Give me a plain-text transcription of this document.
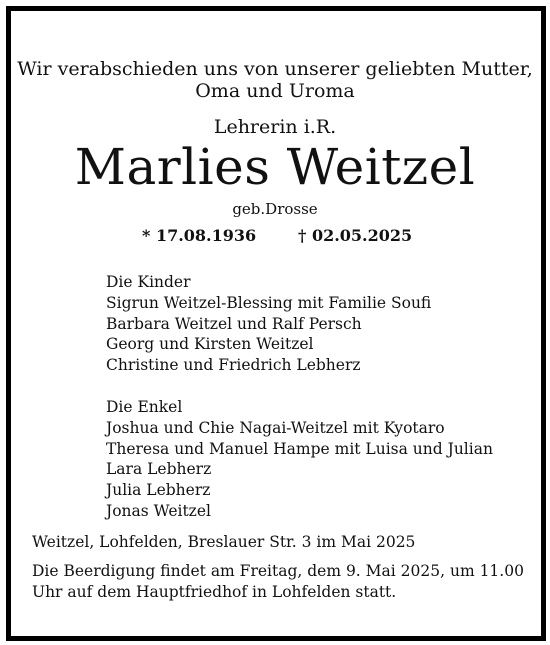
Wir verabschieden uns von unserer geliebten Mutter,
Oma und Uroma
Lehrerin i.R.
Marlies Weitzel
geb.Drosse
* 17.08.1936	† 02.05.2025
Die Kinder
Sigrun Weitzel-Blessing mit Familie Soufi
Barbara Weitzel und Ralf Persch
Georg und Kirsten Weitzel
Christine und Friedrich Lebherz
Die Enkel
Joshua und Chie Nagai-Weitzel mit Kyotaro
Theresa und Manuel Hampe mit Luisa und Julian
Lara Lebherz
Julia Lebherz
Jonas Weitzel
Weitzel, Lohfelden, Breslauer Str. 3 im Mai 2025
Die Beerdigung findet am Freitag, dem 9. Mai 2025, um 11.00
Uhr auf dem Hauptfriedhof in Lohfelden statt.
